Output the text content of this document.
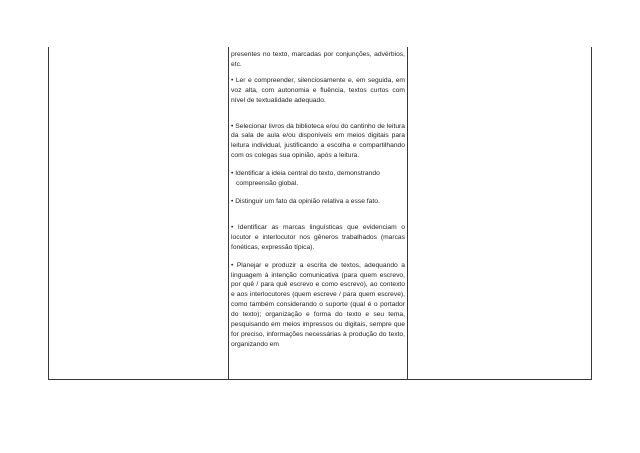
presentes no texto, marcadas por conjunções, advérbios, etc.

• Ler e compreender, silenciosamente e, em seguida, em voz alta, com autonomia e fluência, textos curtos com nível de textualidade adequado.

• Selecionar livros da biblioteca e/ou do cantinho de leitura da sala de aula e/ou disponíveis em meios digitais para leitura individual, justificando a escolha e compartilhando com os colegas sua opinião, após a leitura.

• Identificar a ideia central do texto, demonstrando compreensão global.

• Distinguir um fato da opinião relativa a esse fato.

• Identificar as marcas linguísticas que evidenciam o locutor e interlocutor nos gêneros trabalhados (marcas fonéticas, expressão típica).

• Planejar e produzir a escrita de textos, adequando a linguagem à intenção comunicativa (para quem escrevo, por quê / para quê escrevo e como escrevo), ao contexto e aos interlocutores (quem escreve / para quem escreve), como também considerando o suporte (qual é o portador do texto); organização e forma do texto e seu tema, pesquisando em meios impressos ou digitais, sempre que for preciso, informações necessárias à produção do texto, organizando em
